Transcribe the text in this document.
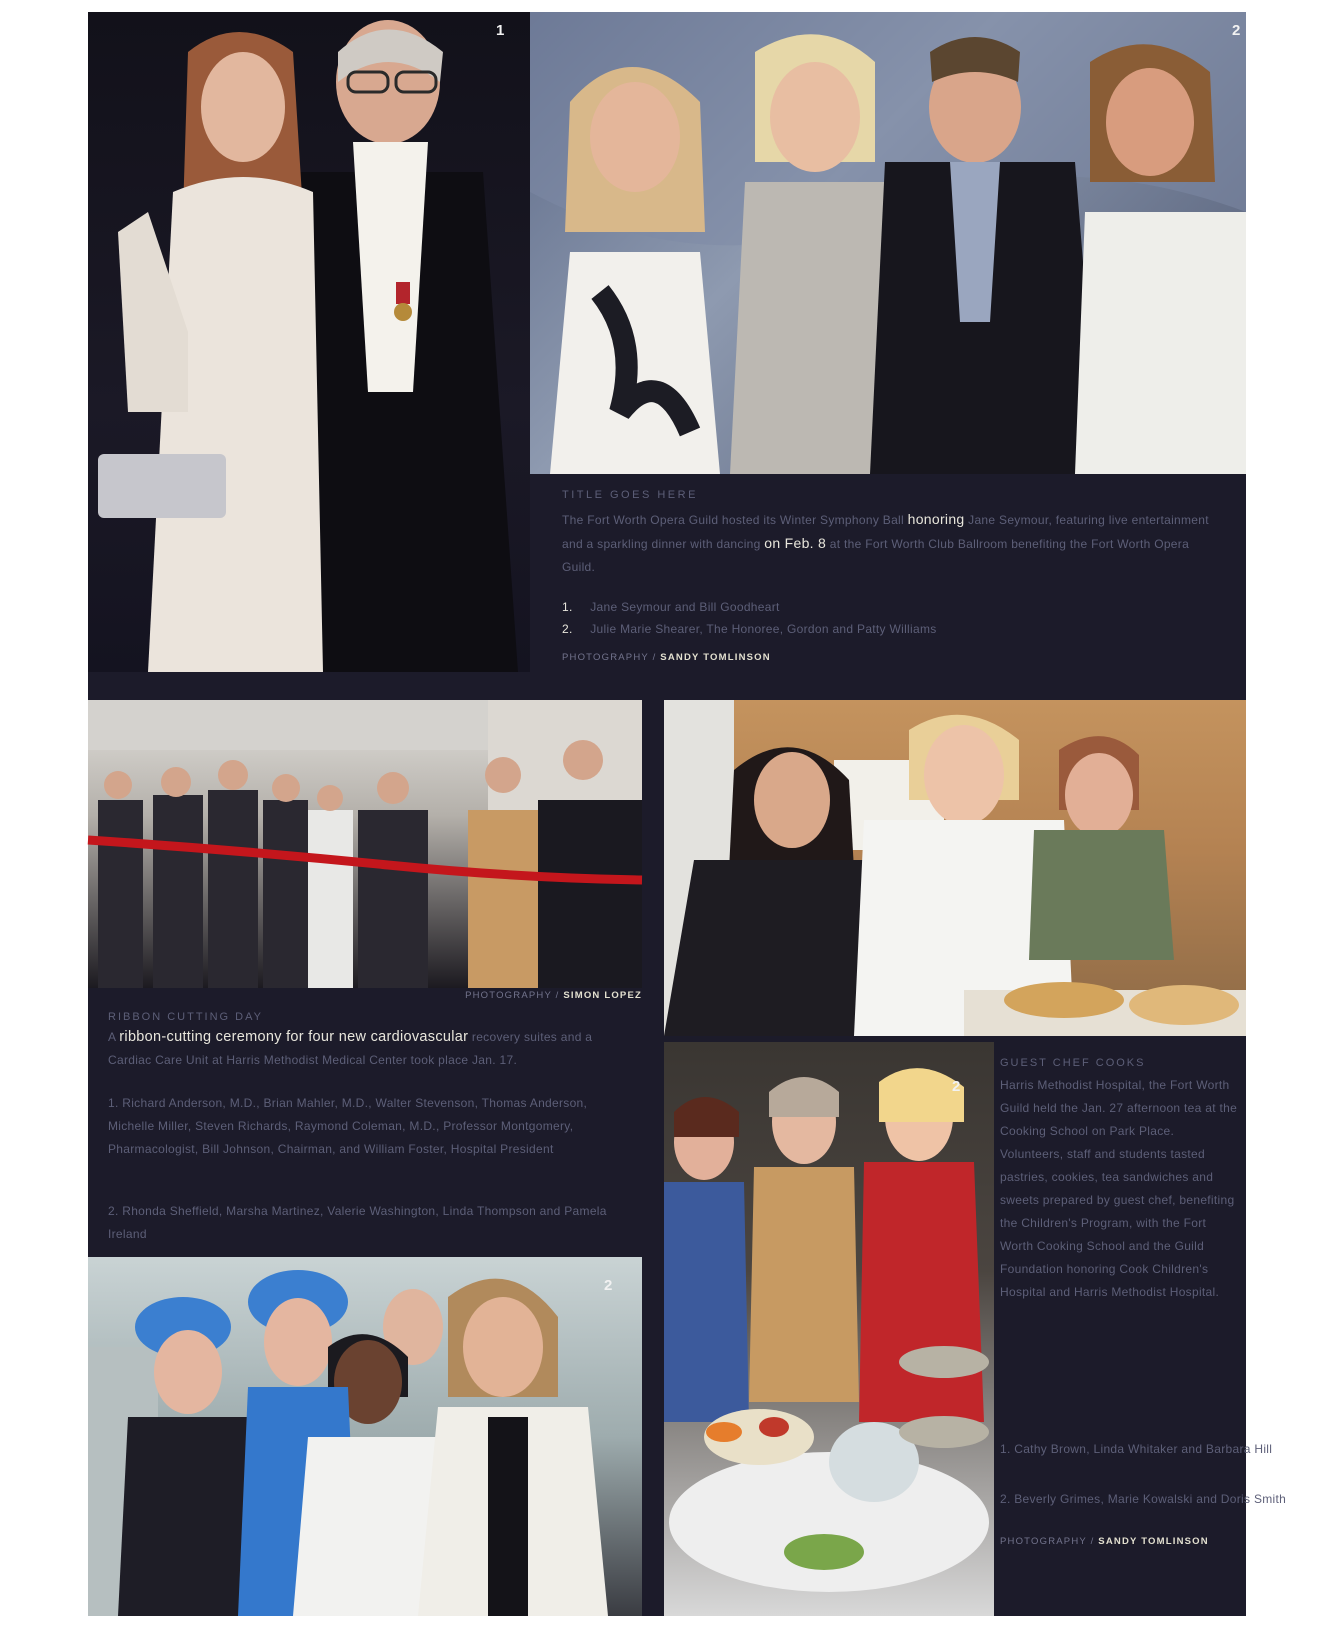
1	2
TITLE GOES HERE
The Fort Worth Opera Guild hosted its Winter Symphony Ball honoring Jane Seymour, featuring live entertainment and a sparkling dinner with dancing on Feb. 8 at the Fort Worth Club Ballroom benefiting the Fort Worth Opera Guild.
1. Jane Seymour and Bill Goodheart
2. Julie Marie Shearer, The Honoree, Gordon and Patty Williams
PHOTOGRAPHY / SANDY TOMLINSON
PHOTOGRAPHY / SIMON LOPEZ
RIBBON CUTTING DAY
A ribbon-cutting ceremony for four new cardiovascular recovery suites and a Cardiac Care Unit at Harris Methodist Medical Center took place Jan. 17.
1. Richard Anderson, M.D., Brian Mahler, M.D., Walter Stevenson, Thomas Anderson, Michelle Miller, Steven Richards, Raymond Coleman, M.D., Professor Montgomery, Pharmacologist, Bill Johnson, Chairman, and William Foster, Hospital President
2. Rhonda Sheffield, Marsha Martinez, Valerie Washington, Linda Thompson and Pamela Ireland
2
2
GUEST CHEF COOKS
Harris Methodist Hospital, the Fort Worth Guild held the Jan. 27 afternoon tea at the Cooking School on Park Place. Volunteers, staff and students tasted pastries, cookies, tea sandwiches and sweets prepared by guest chef, benefiting the Children's Program, with the Fort Worth Cooking School and the Guild Foundation honoring Cook Children's Hospital and Harris Methodist Hospital.
1. Cathy Brown, Linda Whitaker and Barbara Hill
2. Beverly Grimes, Marie Kowalski and Doris Smith
PHOTOGRAPHY / SANDY TOMLINSON
